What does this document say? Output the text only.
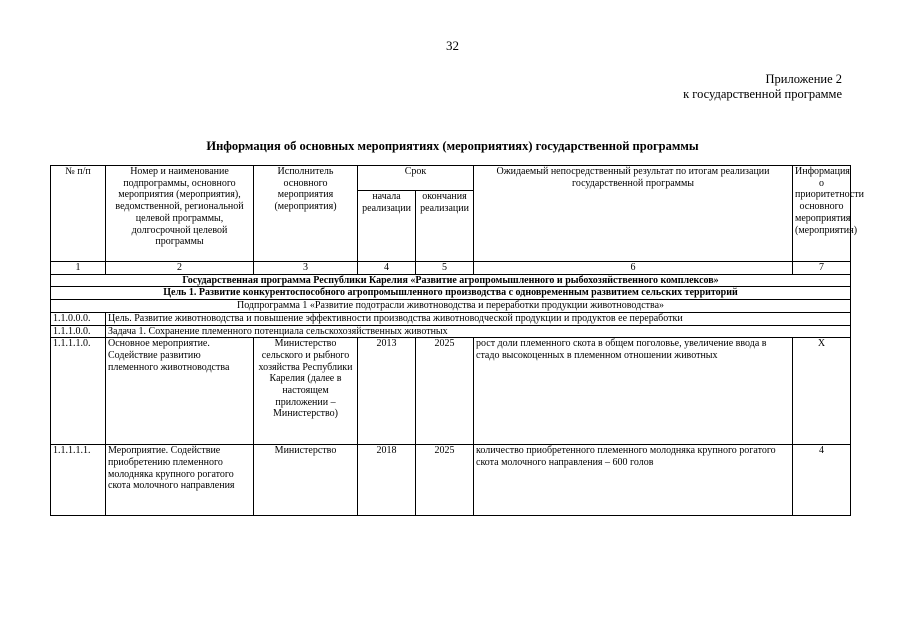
32
Приложение 2
к государственной программе
Информация об основных мероприятиях (мероприятиях) государственной программы
№ п/п	Номер и наименование подпрограммы, основного мероприятия (мероприятия), ведомственной, региональной целевой программы, долгосрочной целевой программы	Исполнитель основного мероприятия (мероприятия)	Срок		Ожидаемый непосредственный результат по итогам реализации государственной программы	Информация о приоритетности основного мероприятия (мероприятия)
			начала реализации	окончания реализации		
1	2	3	4	5	6	7
Государственная программа Республики Карелия «Развитие агропромышленного и рыбохозяйственного комплексов»						
Цель 1. Развитие конкурентоспособного агропромышленного производства с одновременным развитием сельских территорий						
Подпрограмма 1 «Развитие подотрасли животноводства и переработки продукции животноводства»						
1.1.0.0.0.	Цель. Развитие животноводства и повышение эффективности производства животноводческой продукции и продуктов ее переработки					
1.1.1.0.0.	Задача 1. Сохранение племенного потенциала сельскохозяйственных животных					
1.1.1.1.0.	Основное мероприятие. Содействие развитию племенного животноводства	Министерство сельского и рыбного хозяйства Республики Карелия (далее в настоящем приложении – Министерство)	2013	2025	рост доли племенного скота в общем поголовье, увеличение ввода в стадо высокоценных в племенном отношении животных	X
1.1.1.1.1.	Мероприятие. Содействие приобретению племенного молодняка крупного рогатого скота молочного направления	Министерство	2018	2025	количество приобретенного племенного молодняка крупного рогатого скота молочного направления – 600 голов	4
